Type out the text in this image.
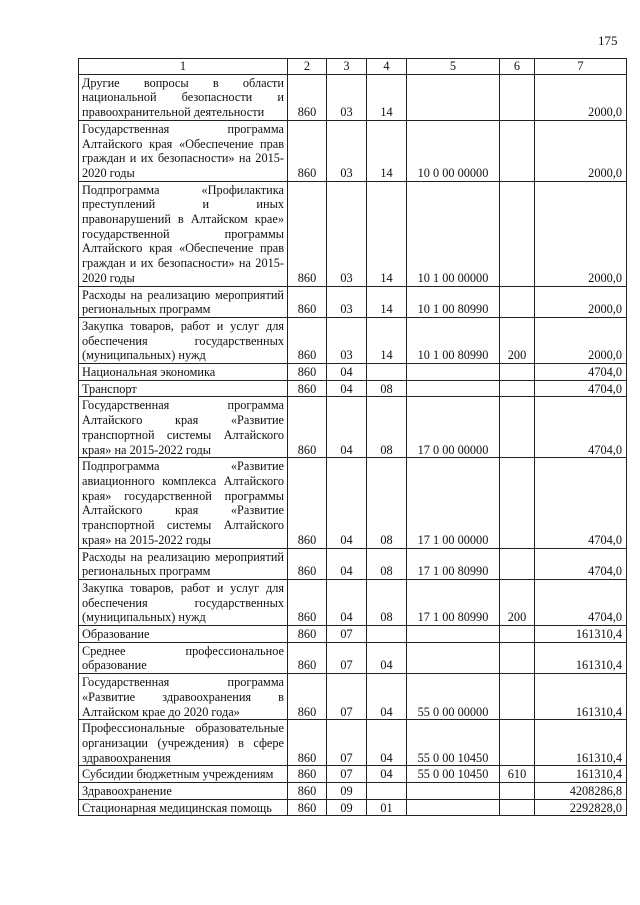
175
1	2	3	4	5	6	7
Другие вопросы в области национальной безопасности и правоохранительной деятельности	860	03	14			2000,0
Государственная программа Алтайского края «Обеспечение прав граждан и их безопасности» на 2015-2020 годы	860	03	14	10 0 00 00000		2000,0
Подпрограмма «Профилактика преступлений и иных правонарушений в Алтайском крае» государственной программы Алтайского края «Обеспечение прав граждан и их безопасности» на 2015-2020 годы	860	03	14	10 1 00 00000		2000,0
Расходы на реализацию мероприятий региональных программ	860	03	14	10 1 00 80990		2000,0
Закупка товаров, работ и услуг для обеспечения государственных (муниципальных) нужд	860	03	14	10 1 00 80990	200	2000,0
Национальная экономика	860	04				4704,0
Транспорт	860	04	08			4704,0
Государственная программа Алтайского края «Развитие транспортной системы Алтайского края» на 2015-2022 годы	860	04	08	17 0 00 00000		4704,0
Подпрограмма «Развитие авиационного комплекса Алтайского края» государственной программы Алтайского края «Развитие транспортной системы Алтайского края» на 2015-2022 годы	860	04	08	17 1 00 00000		4704,0
Расходы на реализацию мероприятий региональных программ	860	04	08	17 1 00 80990		4704,0
Закупка товаров, работ и услуг для обеспечения государственных (муниципальных) нужд	860	04	08	17 1 00 80990	200	4704,0
Образование	860	07				161310,4
Среднее профессиональное образование	860	07	04			161310,4
Государственная программа «Развитие здравоохранения в Алтайском крае до 2020 года»	860	07	04	55 0 00 00000		161310,4
Профессиональные образовательные организации (учреждения) в сфере здравоохранения	860	07	04	55 0 00 10450		161310,4
Субсидии бюджетным учреждениям	860	07	04	55 0 00 10450	610	161310,4
Здравоохранение	860	09				4208286,8
Стационарная медицинская помощь	860	09	01			2292828,0
